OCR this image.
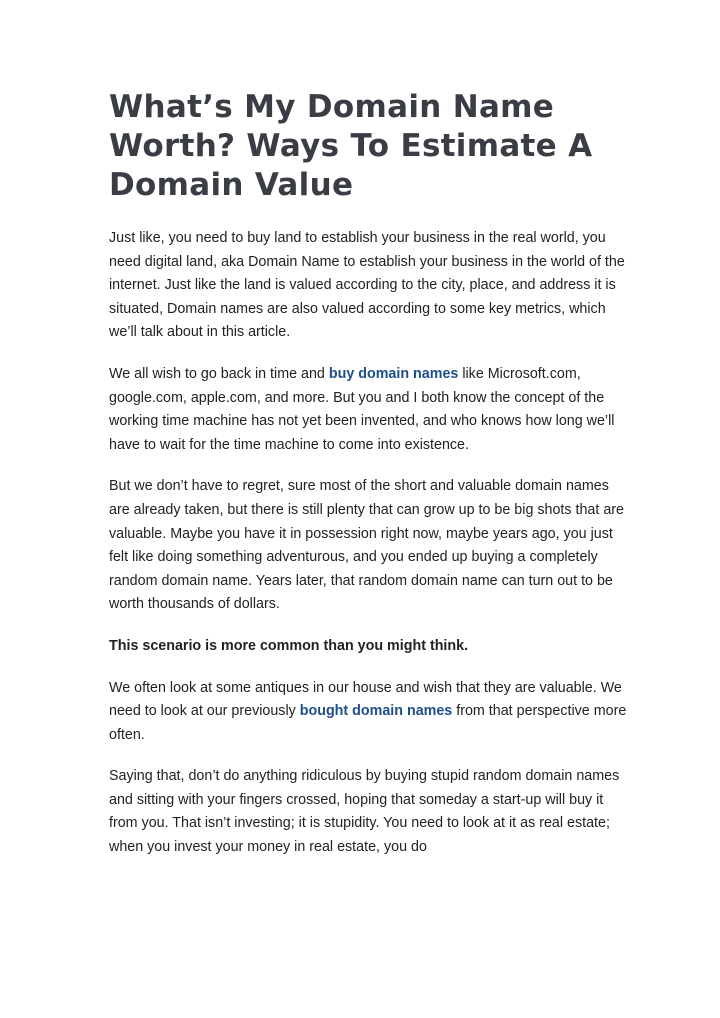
What’s My Domain Name Worth? Ways To Estimate A Domain Value

Just like, you need to buy land to establish your business in the real world, you need digital land, aka Domain Name to establish your business in the world of the internet. Just like the land is valued according to the city, place, and address it is situated, Domain names are also valued according to some key metrics, which we’ll talk about in this article.

We all wish to go back in time and buy domain names like Microsoft.com, google.com, apple.com, and more. But you and I both know the concept of the working time machine has not yet been invented, and who knows how long we’ll have to wait for the time machine to come into existence.

But we don’t have to regret, sure most of the short and valuable domain names are already taken, but there is still plenty that can grow up to be big shots that are valuable. Maybe you have it in possession right now, maybe years ago, you just felt like doing something adventurous, and you ended up buying a completely random domain name. Years later, that random domain name can turn out to be worth thousands of dollars.

This scenario is more common than you might think.

We often look at some antiques in our house and wish that they are valuable. We need to look at our previously bought domain names from that perspective more often.

Saying that, don’t do anything ridiculous by buying stupid random domain names and sitting with your fingers crossed, hoping that someday a start-up will buy it from you. That isn’t investing; it is stupidity. You need to look at it as real estate; when you invest your money in real estate, you do
